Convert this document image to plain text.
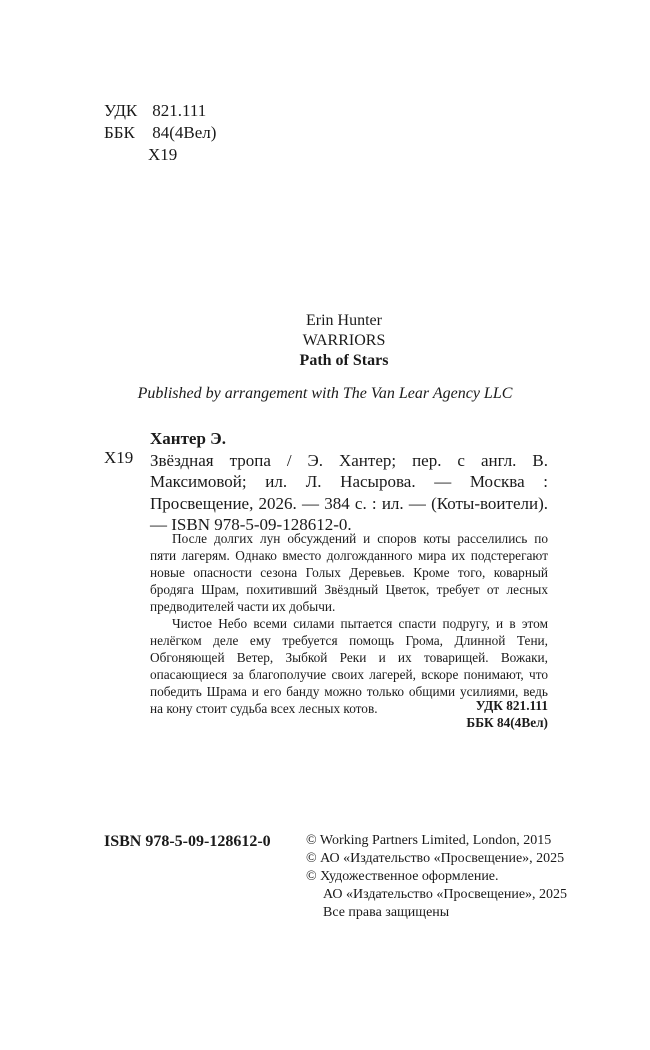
УДК 821.111
ББК 84(4Вел)
Х19
Erin Hunter
WARRIORS
Path of Stars
Published by arrangement with The Van Lear Agency LLC
Х19
Хантер Э.
Звёздная тропа / Э. Хантер; пер. с англ. В. Максимовой; ил. Л. Насырова. — Москва : Просвещение, 2026. — 384 с. : ил. — (Коты-воители). — ISBN 978-5-09-128612-0.

После долгих лун обсуждений и споров коты расселились по пяти лагерям. Однако вместо долгожданного мира их подстерегают новые опасности сезона Голых Деревьев. Кроме того, коварный бродяга Шрам, похитивший Звёздный Цветок, требует от лесных предводителей части их добычи.

Чистое Небо всеми силами пытается спасти подругу, и в этом нелёгком деле ему требуется помощь Грома, Длинной Тени, Обгоняющей Ветер, Зыбкой Реки и их товарищей. Вожаки, опасающиеся за благополучие своих лагерей, вскоре понимают, что победить Шрама и его банду можно только общими усилиями, ведь на кону стоит судьба всех лесных котов.	УДК 821.111
ББК 84(4Вел)
ISBN 978-5-09-128612-0	© Working Partners Limited, London, 2015
© АО «Издательство «Просвещение», 2025
© Художественное оформление.
АО «Издательство «Просвещение», 2025
Все права защищены
